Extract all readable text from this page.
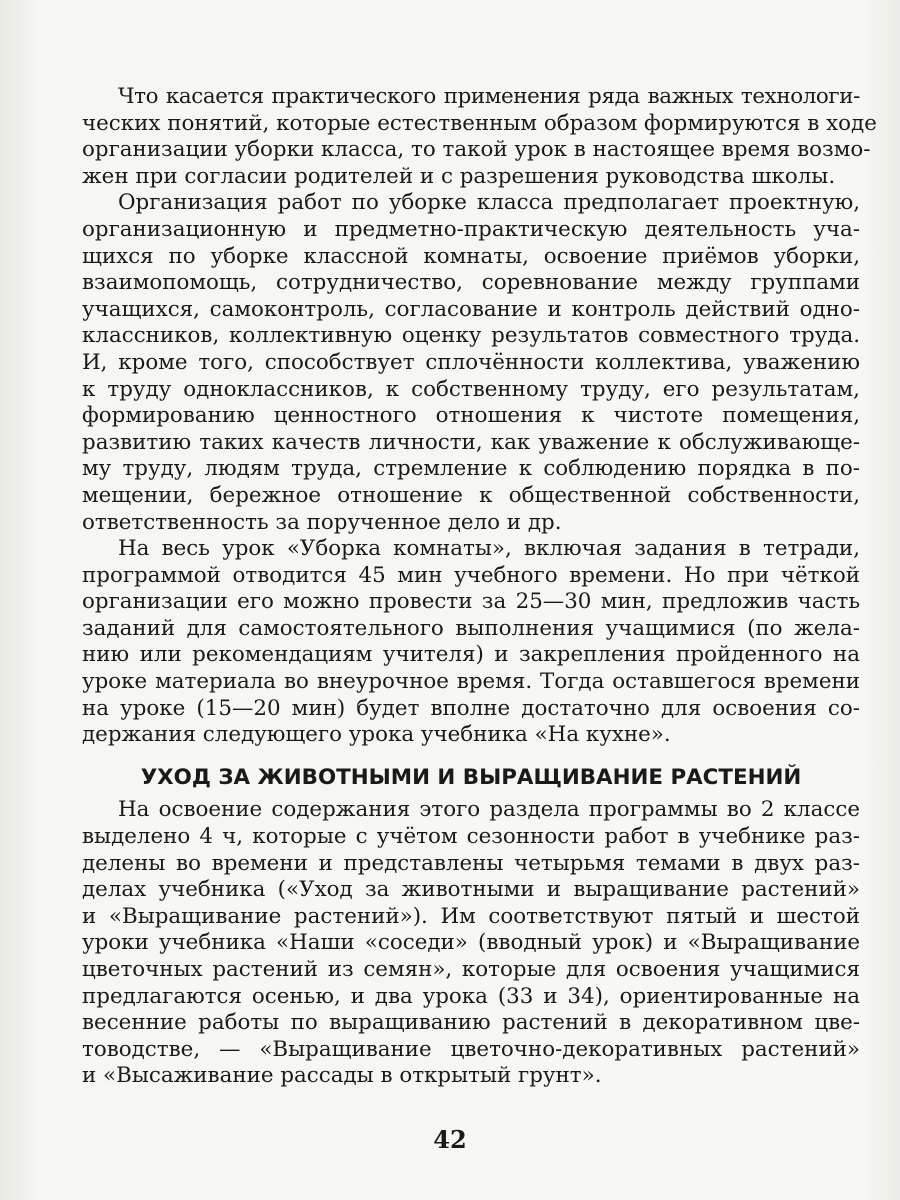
Что касается практического применения ряда важных технологи-
ческих понятий, которые естественным образом формируются в ходе
организации уборки класса, то такой урок в настоящее время возмо-
жен при согласии родителей и с разрешения руководства школы.

Организация работ по уборке класса предполагает проектную,
организационную и предметно-практическую деятельность уча-
щихся по уборке классной комнаты, освоение приёмов уборки,
взаимопомощь, сотрудничество, соревнование между группами
учащихся, самоконтроль, согласование и контроль действий одно-
классников, коллективную оценку результатов совместного труда.
И, кроме того, способствует сплочённости коллектива, уважению
к труду одноклассников, к собственному труду, его результатам,
формированию ценностного отношения к чистоте помещения,
развитию таких качеств личности, как уважение к обслуживающе-
му труду, людям труда, стремление к соблюдению порядка в по-
мещении, бережное отношение к общественной собственности,
ответственность за порученное дело и др.

На весь урок «Уборка комнаты», включая задания в тетради,
программой отводится 45 мин учебного времени. Но при чёткой
организации его можно провести за 25—30 мин, предложив часть
заданий для самостоятельного выполнения учащимися (по жела-
нию или рекомендациям учителя) и закрепления пройденного на
уроке материала во внеурочное время. Тогда оставшегося времени
на уроке (15—20 мин) будет вполне достаточно для освоения со-
держания следующего урока учебника «На кухне».

УХОД ЗА ЖИВОТНЫМИ И ВЫРАЩИВАНИЕ РАСТЕНИЙ

На освоение содержания этого раздела программы во 2 классе
выделено 4 ч, которые с учётом сезонности работ в учебнике раз-
делены во времени и представлены четырьмя темами в двух раз-
делах учебника («Уход за животными и выращивание растений»
и «Выращивание растений»). Им соответствуют пятый и шестой
уроки учебника «Наши «соседи» (вводный урок) и «Выращивание
цветочных растений из семян», которые для освоения учащимися
предлагаются осенью, и два урока (33 и 34), ориентированные на
весенние работы по выращиванию растений в декоративном цве-
товодстве, — «Выращивание цветочно-декоративных растений»
и «Высаживание рассады в открытый грунт».

42
